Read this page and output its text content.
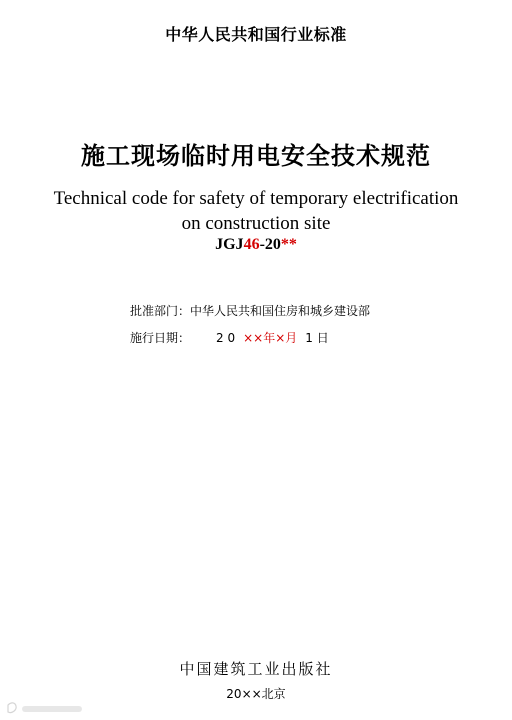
中华人民共和国行业标准
施工现场临时用电安全技术规范
Technical code for safety of temporary electrification
on construction site
JGJ46-20**
批准部门：中华人民共和国住房和城乡建设部
施行日期： 2 0 ××年×月 1 日
中国建筑工业出版社
20××北京
